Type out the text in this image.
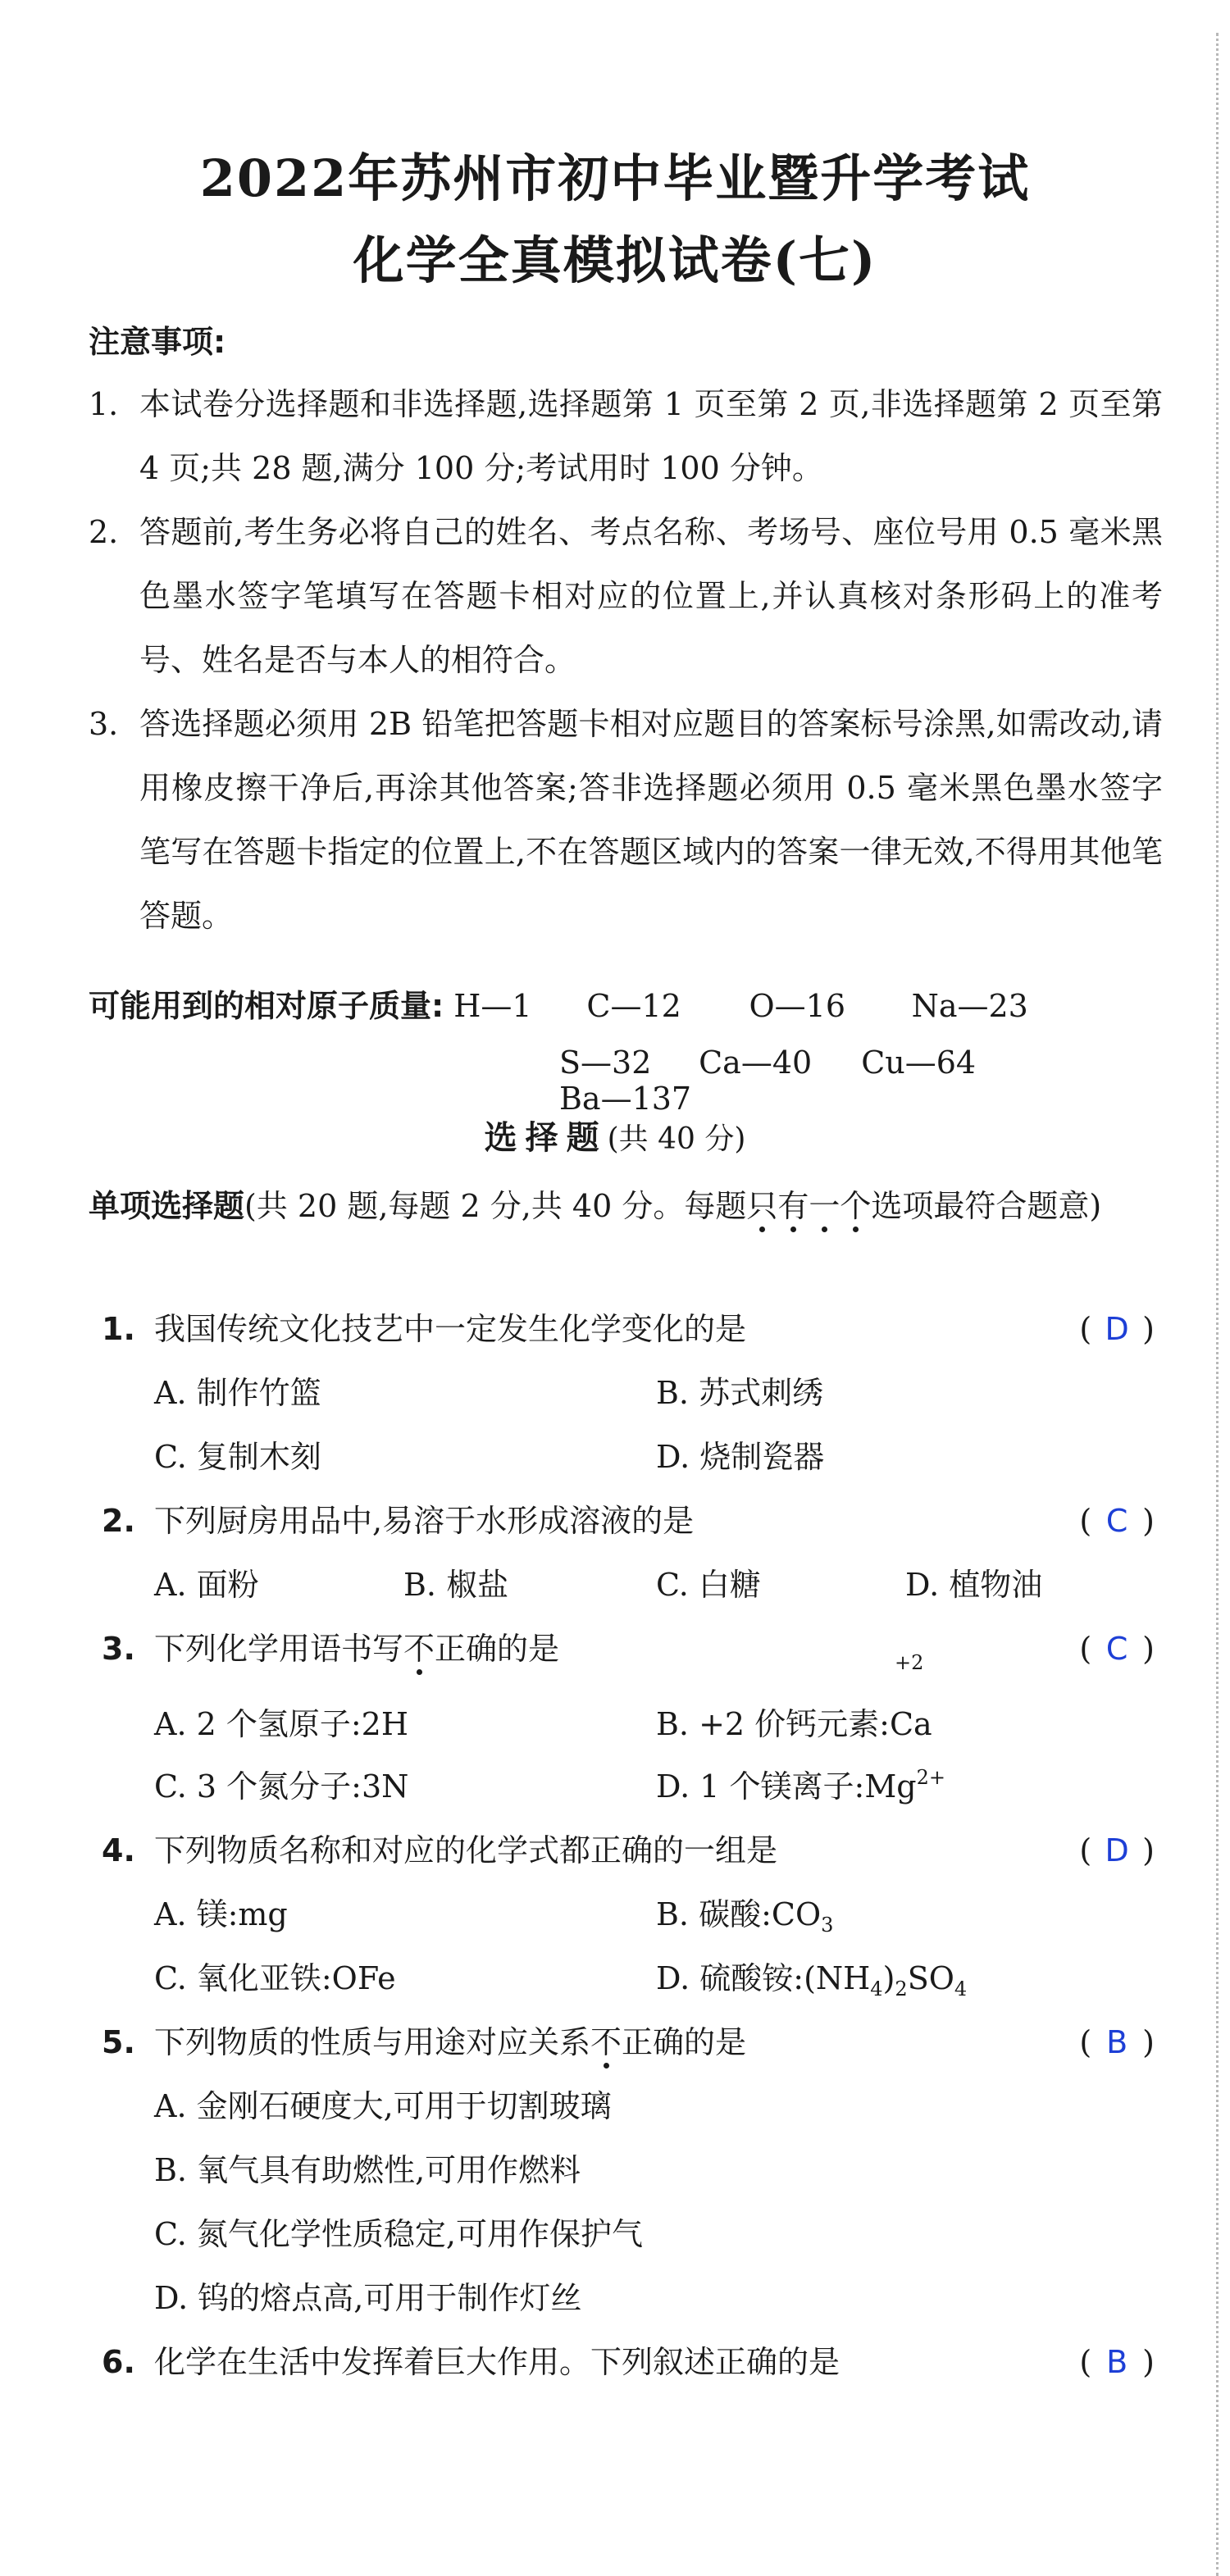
2022年苏州市初中毕业暨升学考试
化学全真模拟试卷(七)
注意事项:
1. 本试卷分选择题和非选择题,选择题第 1 页至第 2 页,非选择题第 2 页至第 4 页;共 28 题,满分 100 分;考试用时 100 分钟。
2. 答题前,考生务必将自己的姓名、考点名称、考场号、座位号用 0.5 毫米黑色墨水签字笔填写在答题卡相对应的位置上,并认真核对条形码上的准考号、姓名是否与本人的相符合。
3. 答选择题必须用 2B 铅笔把答题卡相对应题目的答案标号涂黑,如需改动,请用橡皮擦干净后,再涂其他答案;答非选择题必须用 0.5 毫米黑色墨水签字笔写在答题卡指定的位置上,不在答题区域内的答案一律无效,不得用其他笔答题。
可能用到的相对原子质量: H—1 C—12 O—16 Na—23
S—32 Ca—40 Cu—64 Ba—137
选择题(共 40 分)
单项选择题(共 20 题,每题 2 分,共 40 分。每题只有一个选项最符合题意)
1. 我国传统文化技艺中一定发生化学变化的是	( D )
A. 制作竹篮	B. 苏式刺绣
C. 复制木刻	D. 烧制瓷器
2. 下列厨房用品中,易溶于水形成溶液的是	( C )
A. 面粉	B. 椒盐	C. 白糖	D. 植物油
3. 下列化学用语书写不正确的是	( C )
A. 2 个氢原子:2H	B. +2 价钙元素:
+2
Ca
C. 3 个氮分子:3N	D. 1 个镁离子$:Mg^{2+}$
4. 下列物质名称和对应的化学式都正确的一组是	( D )
A. 镁:mg	B. 碳酸$:CO_3$
C. 氧化亚铁:OFe	D. 硫酸铵$:(NH_4)_2SO_4$
5. 下列物质的性质与用途对应关系不正确的是	( B )
A. 金刚石硬度大,可用于切割玻璃
B. 氧气具有助燃性,可用作燃料
C. 氮气化学性质稳定,可用作保护气
D. 钨的熔点高,可用于制作灯丝
6. 化学在生活中发挥着巨大作用。下列叙述正确的是	( B )
